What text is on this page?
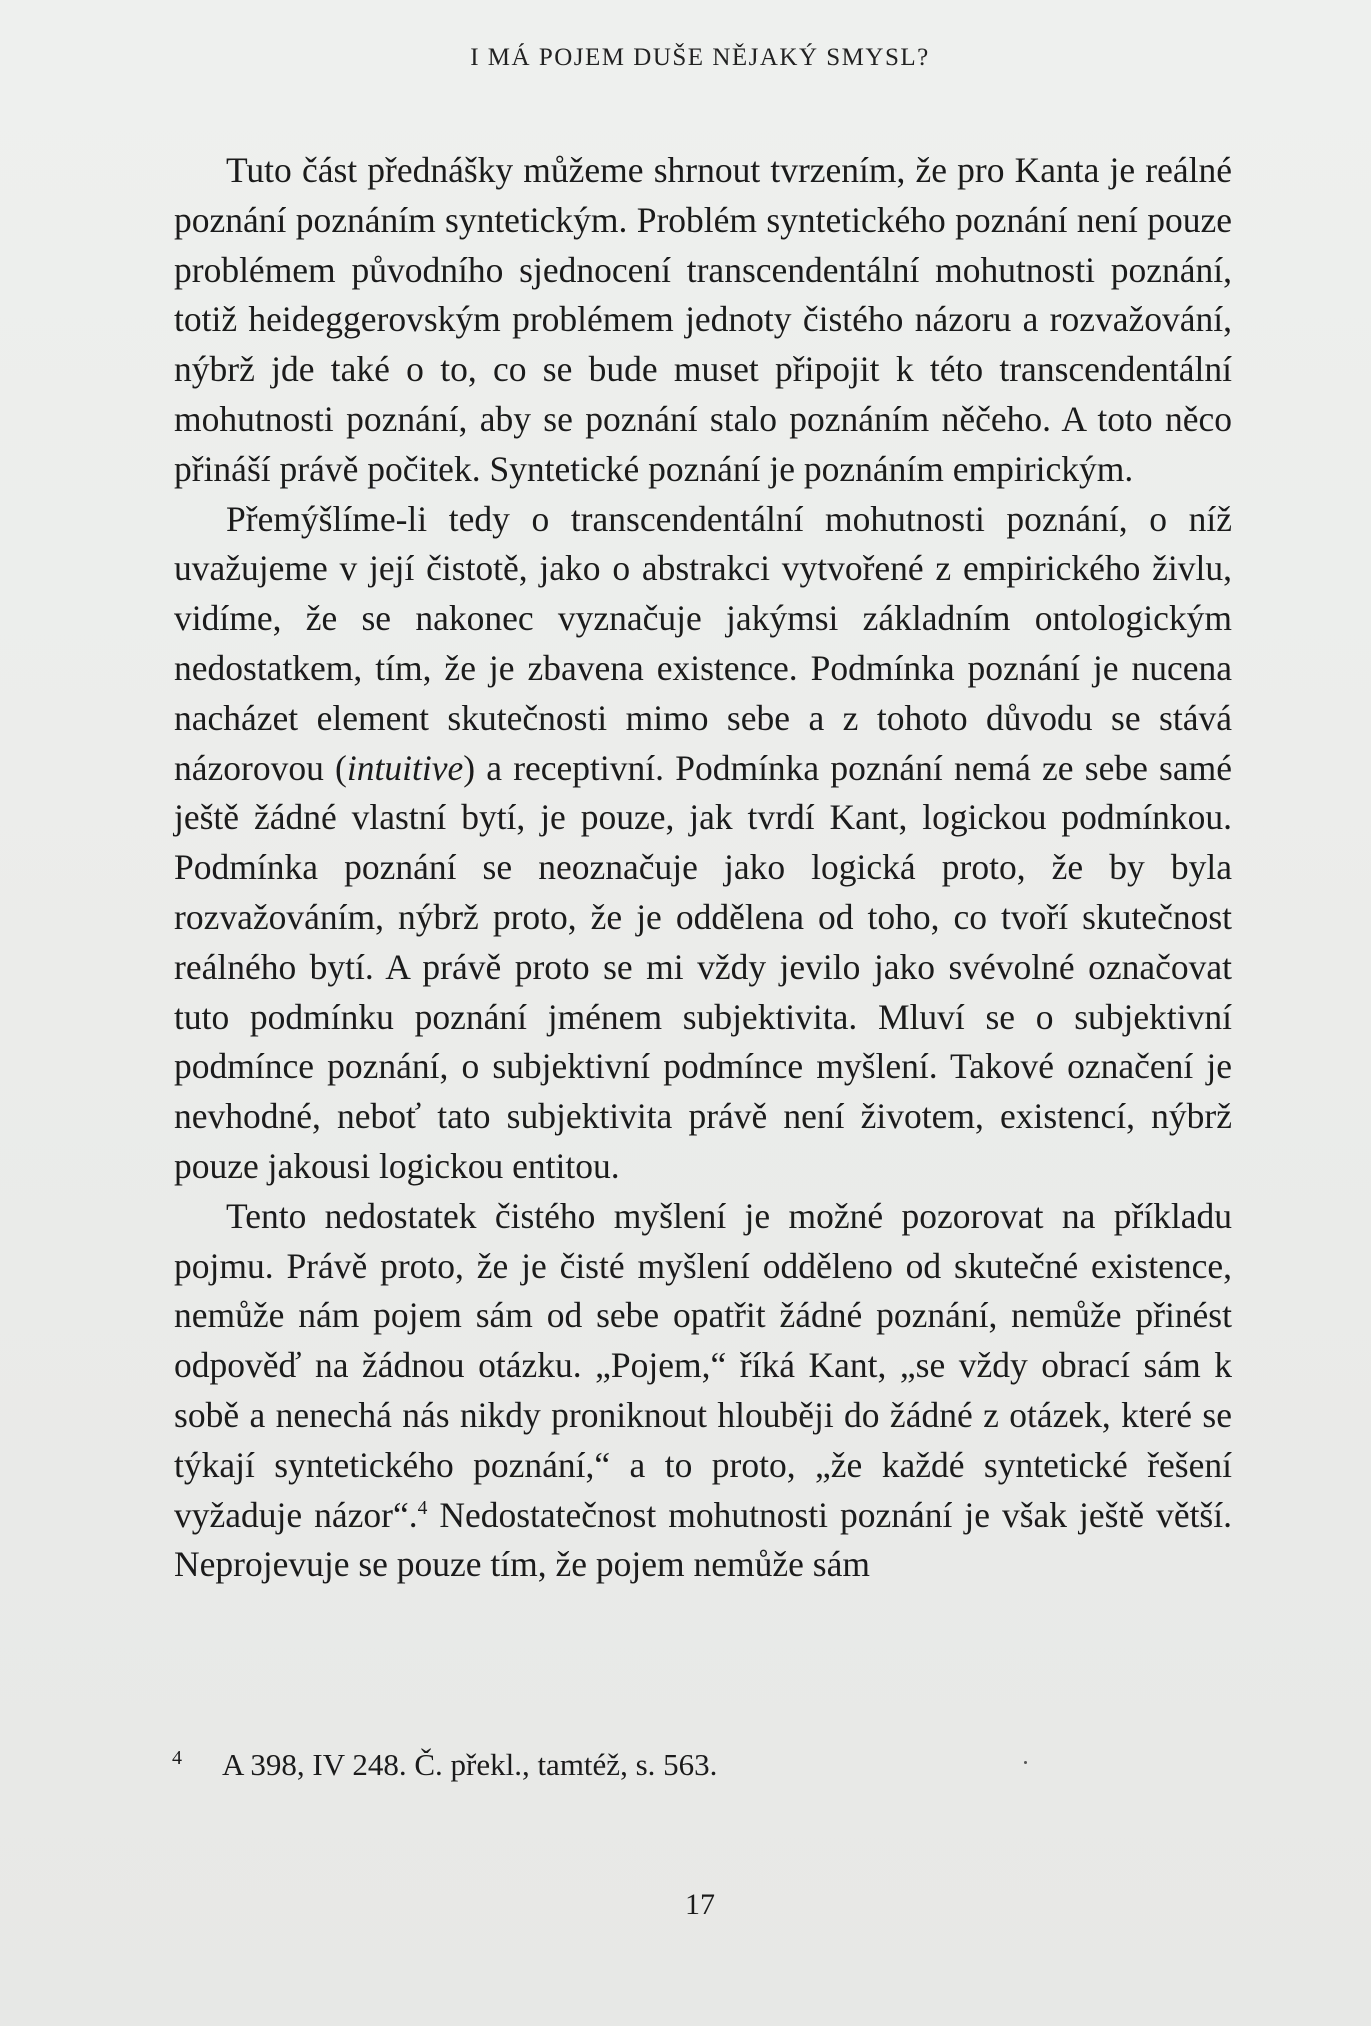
I MÁ POJEM DUŠE NĚJAKÝ SMYSL?

Tuto část přednášky můžeme shrnout tvrzením, že pro Kanta je reálné poznání poznáním syntetickým. Problém syntetického poznání není pouze problémem původního sjednocení transcendentální mohutnosti poznání, totiž heideggerovským problémem jednoty čistého názoru a rozvažování, nýbrž jde také o to, co se bude muset připojit k této transcendentální mohutnosti poznání, aby se poznání stalo poznáním něčeho. A toto něco přináší právě počitek. Syntetické poznání je poznáním empirickým.

Přemýšlíme-li tedy o transcendentální mohutnosti poznání, o níž uvažujeme v její čistotě, jako o abstrakci vytvořené z empirického živlu, vidíme, že se nakonec vyznačuje jakýmsi základním ontologickým nedostatkem, tím, že je zbavena existence. Podmínka poznání je nucena nacházet element skutečnosti mimo sebe a z tohoto důvodu se stává názorovou (intuitive) a receptivní. Podmínka poznání nemá ze sebe samé ještě žádné vlastní bytí, je pouze, jak tvrdí Kant, logickou podmínkou. Podmínka poznání se neoznačuje jako logická proto, že by byla rozvažováním, nýbrž proto, že je oddělena od toho, co tvoří skutečnost reálného bytí. A právě proto se mi vždy jevilo jako svévolné označovat tuto podmínku poznání jménem subjektivita. Mluví se o subjektivní podmínce poznání, o subjektivní podmínce myšlení. Takové označení je nevhodné, neboť tato subjektivita právě není životem, existencí, nýbrž pouze jakousi logickou entitou.

Tento nedostatek čistého myšlení je možné pozorovat na příkladu pojmu. Právě proto, že je čisté myšlení odděleno od skutečné existence, nemůže nám pojem sám od sebe opatřit žádné poznání, nemůže přinést odpověď na žádnou otázku. „Pojem,“ říká Kant, „se vždy obrací sám k sobě a nenechá nás nikdy proniknout hlouběji do žádné z otázek, které se týkají syntetického poznání,“ a to proto, „že každé syntetické řešení vyžaduje názor“.$^4$ Nedostatečnost mohutnosti poznání je však ještě větší. Neprojevuje se pouze tím, že pojem nemůže sám

4 A 398, IV 248. Č. překl., tamtéž, s. 563.
17
